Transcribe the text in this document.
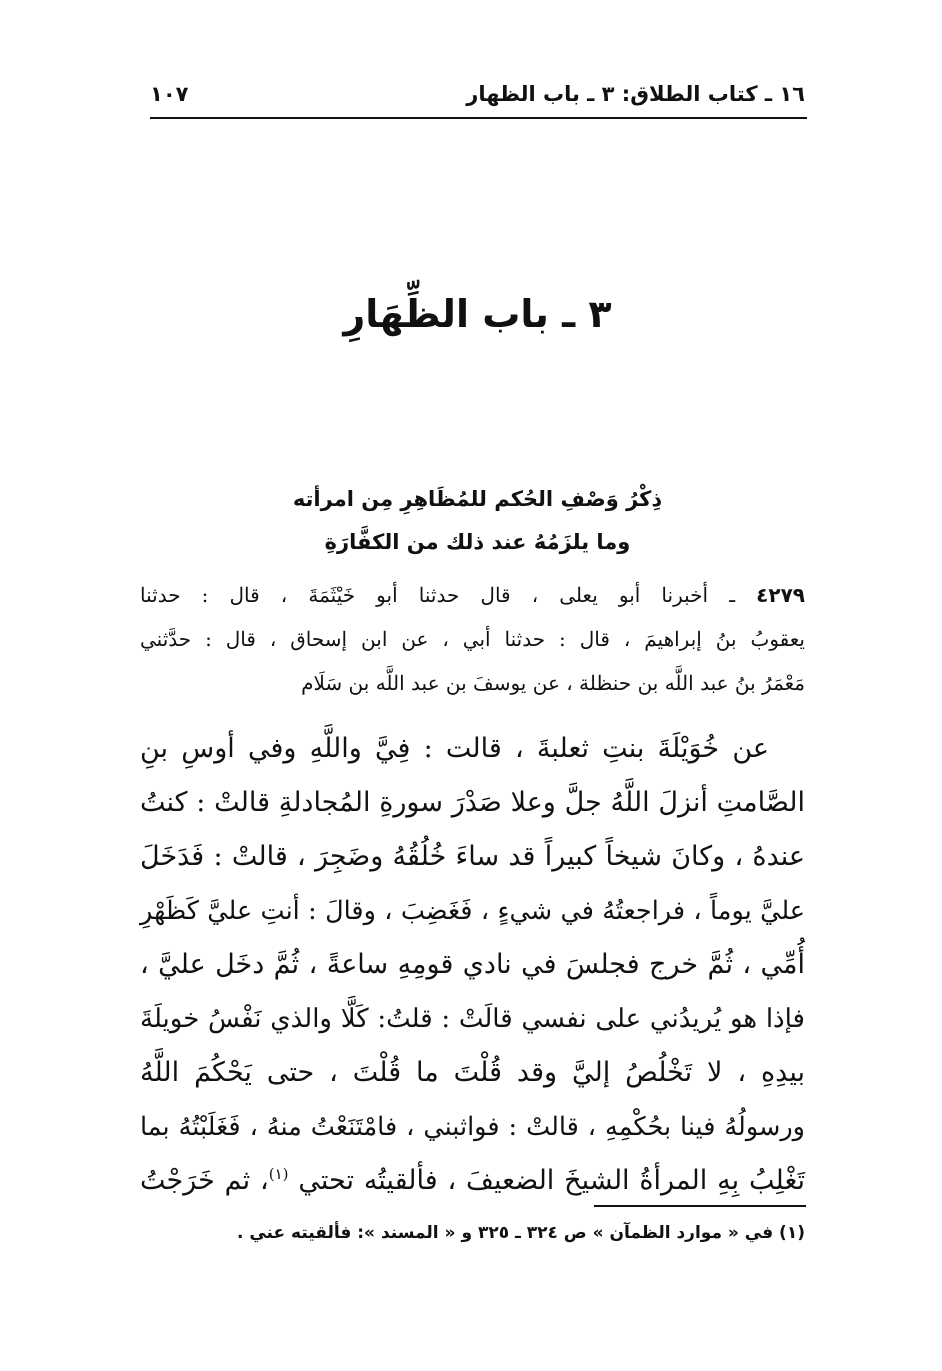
١٦ ـ كتاب الطلاق: ٣ ـ باب الظهار
١٠٧
٣ ـ باب الظِّهَارِ
ذِكْرُ وَصْفِ الحُكم للمُظَاهِرِ مِن امرأته
وما يلزَمُهُ عند ذلك من الكفَّارَةِ
٤٢٧٩ ـ أخبرنا أبو يعلى ، قال حدثنا أبو خَيْثَمَةَ ، قال : حدثنا
يعقوبُ بنُ إبراهيمَ ، قال : حدثنا أبي ، عن ابن إسحاق ، قال : حدَّثني
مَعْمَرُ بنُ عبد اللَّه بن حنظلة ، عن يوسفَ بن عبد اللَّه بن سَلَام
عن خُوَيْلَةَ بنتِ ثعلبةَ ، قالت : فِيَّ واللَّهِ وفي أوسِ بنِ
الصَّامتِ أنزلَ اللَّهُ جلَّ وعلا صَدْرَ سورةِ المُجادلةِ قالتْ : كنتُ
عندهُ ، وكانَ شيخاً كبيراً قد ساءَ خُلُقُهُ وضَجِرَ ، قالتْ : فَدَخَلَ
عليَّ يوماً ، فراجعتُهُ في شيءٍ ، فَغَضِبَ ، وقالَ : أنتِ عليَّ كَظَهْرِ
أُمِّي ، ثُمَّ خرج فجلسَ في نادي قومِهِ ساعةً ، ثُمَّ دخَل عليَّ ،
فإذا هو يُريدُني على نفسي قالَتْ : قلتُ: كَلَّا والذي نَفْسُ خويلَةَ
بيدِهِ ، لا تَخْلُصُ إليَّ وقد قُلْتَ ما قُلْتَ ، حتى يَحْكُمَ اللَّهُ
ورسولُهُ فينا بحُكْمِهِ ، قالتْ : فواثبني ، فامْتَنَعْتُ منهُ ، فَغَلَبْتُهُ بما
تَغْلِبُ بِهِ المرأةُ الشيخَ الضعيفَ ، فألقيتُه تحتي $^{(١)}$، ثم خَرَجْتُ
(١) في « موارد الظمآن » ص ٣٢٤ ـ ٣٢٥ و « المسند »: فألقيته عني .
